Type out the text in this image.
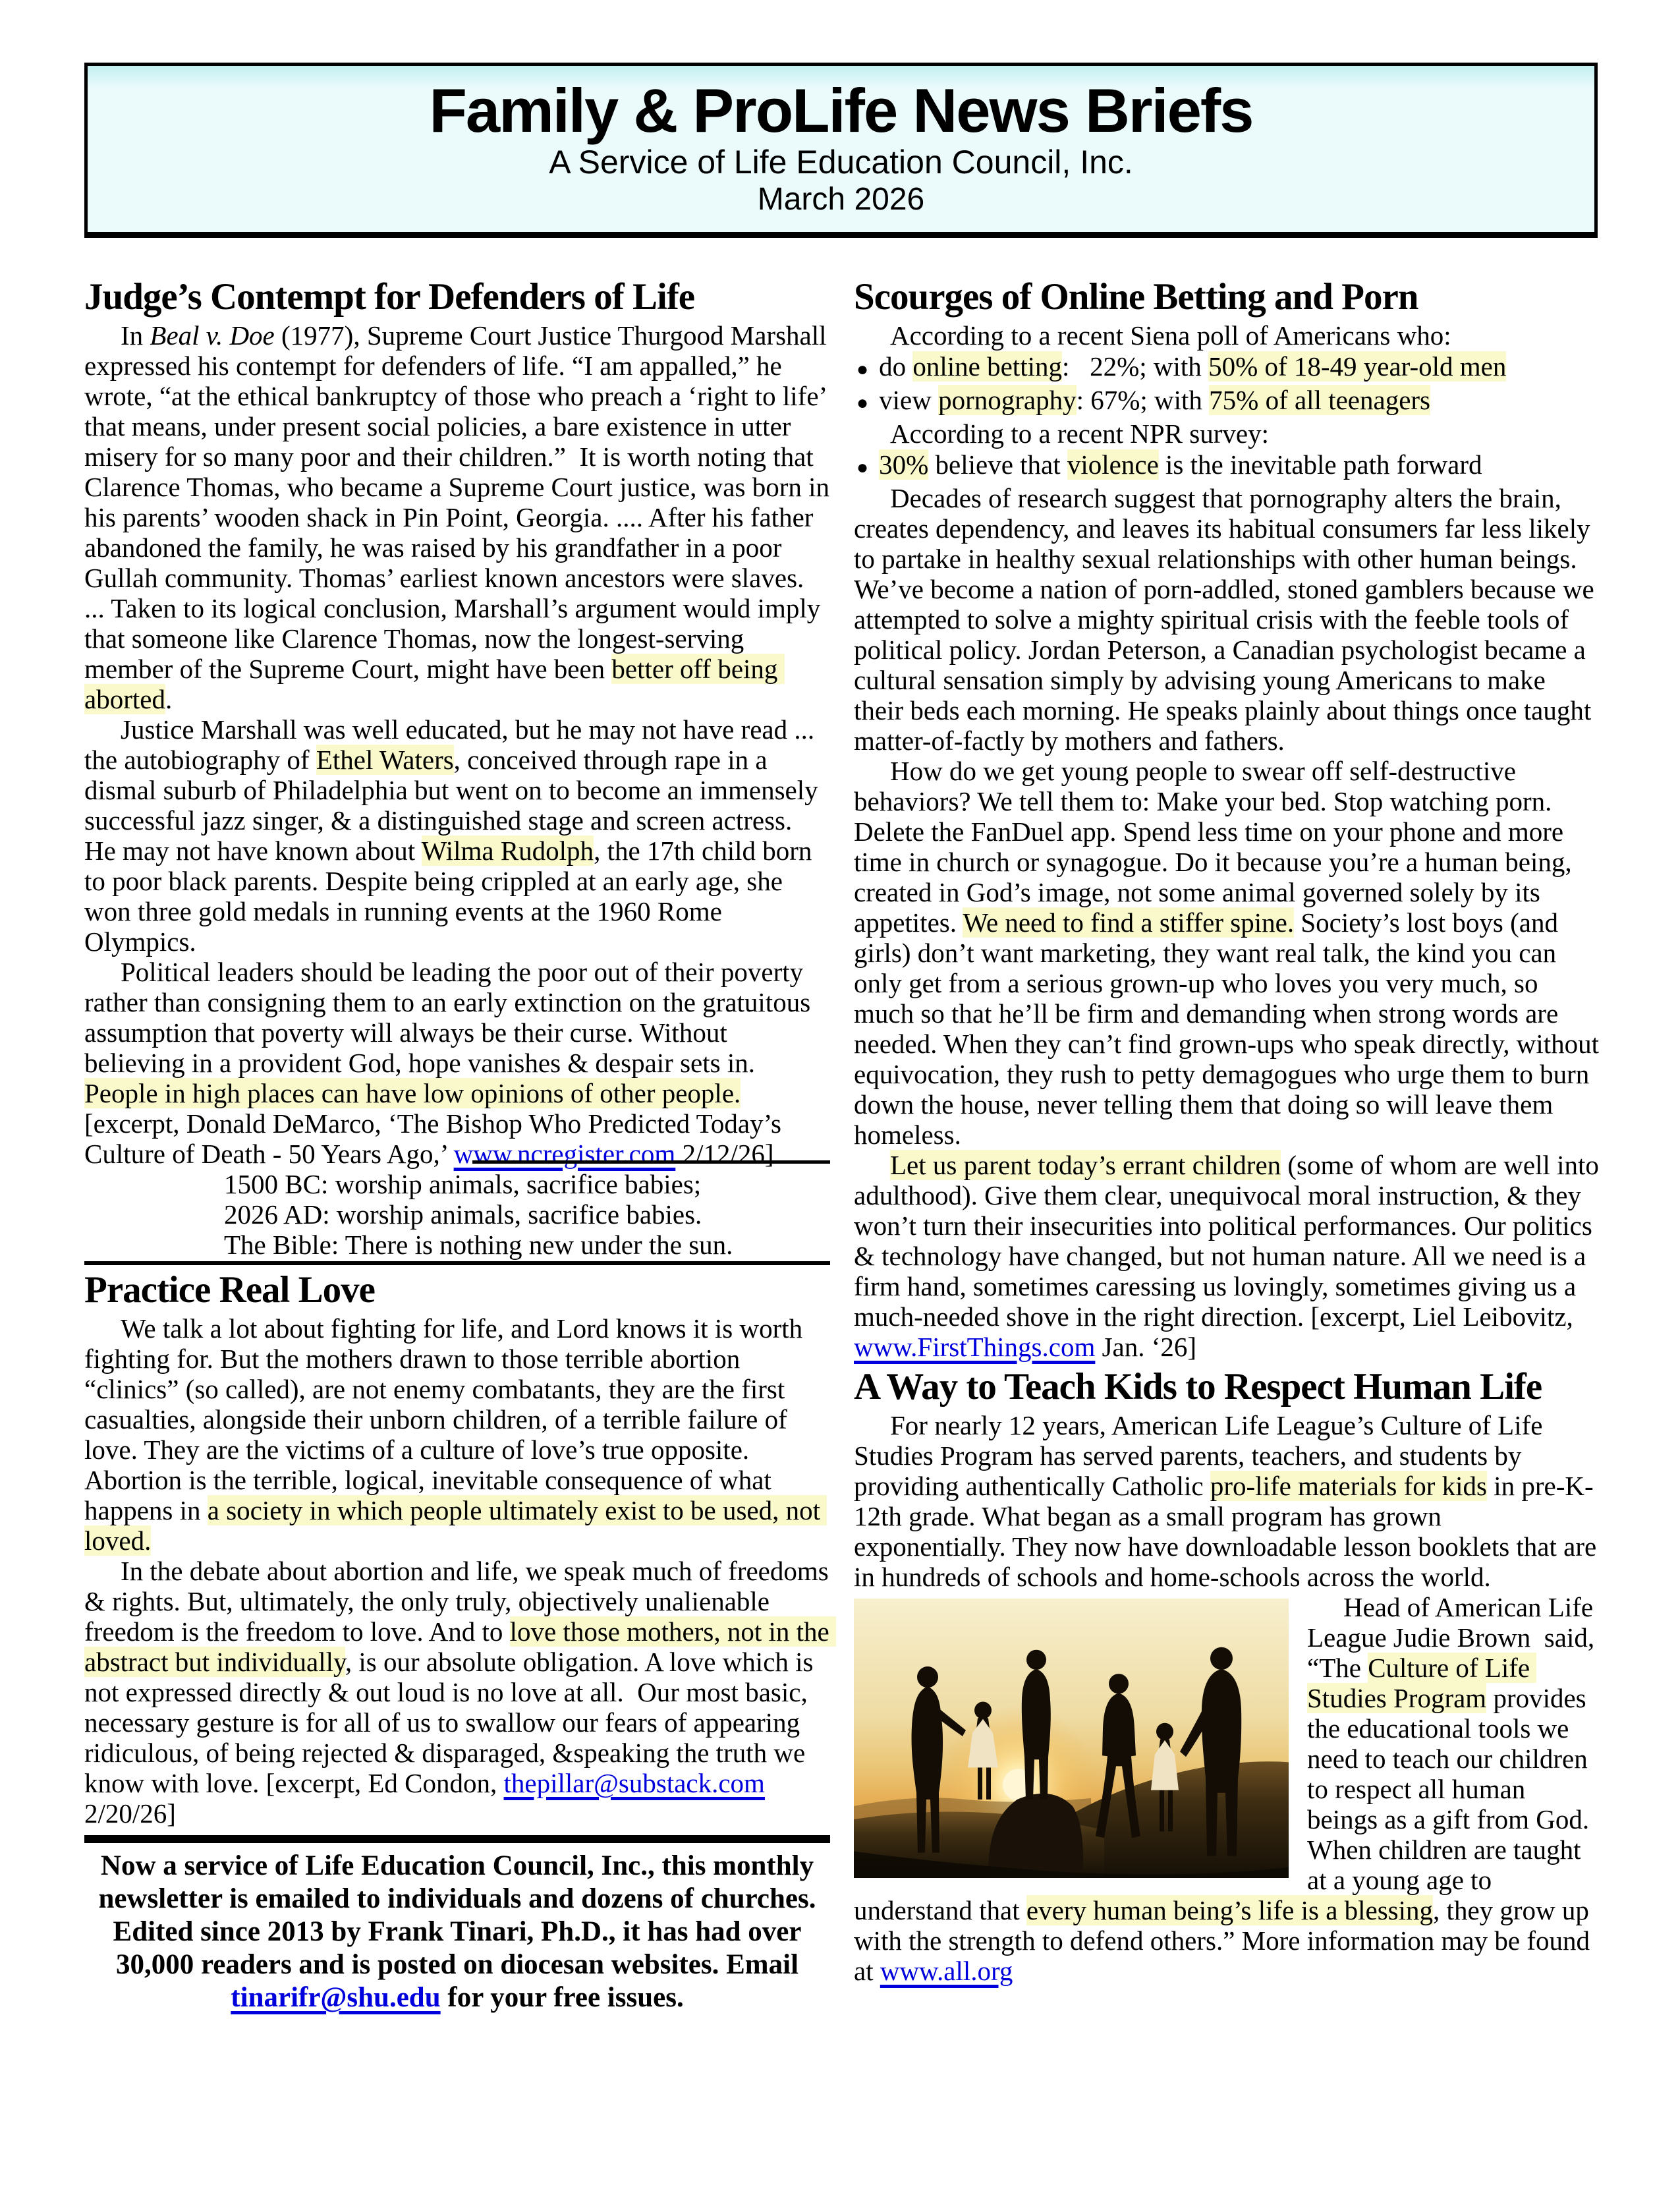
Family & ProLife News Briefs
A Service of Life Education Council, Inc.
March 2026
Judge’s Contempt for Defenders of Life

In Beal v. Doe (1977), Supreme Court Justice Thurgood Marshall expressed his contempt for defenders of life. “I am appalled,” he wrote, “at the ethical bankruptcy of those who preach a ‘right to life’ that means, under present social policies, a bare existence in utter misery for so many poor and their children.”  It is worth noting that Clarence Thomas, who became a Supreme Court justice, was born in his parents’ wooden shack in Pin Point, Georgia. .... After his father abandoned the family, he was raised by his grandfather in a poor Gullah community. Thomas’ earliest known ancestors were slaves. ... Taken to its logical conclusion, Marshall’s argument would imply that someone like Clarence Thomas, now the longest-serving member of the Supreme Court, might have been better off being aborted.

Justice Marshall was well educated, but he may not have read ... the autobiography of Ethel Waters, conceived through rape in a dismal suburb of Philadelphia but went on to become an immensely successful jazz singer, & a distinguished stage and screen actress. He may not have known about Wilma Rudolph, the 17th child born to poor black parents. Despite being crippled at an early age, she won three gold medals in running events at the 1960 Rome Olympics.

Political leaders should be leading the poor out of their poverty rather than consigning them to an early extinction on the gratuitous assumption that poverty will always be their curse. Without believing in a provident God, hope vanishes & despair sets in. People in high places can have low opinions of other people. [excerpt, Donald DeMarco, ‘The Bishop Who Predicted Today’s Culture of Death - 50 Years Ago,’ www.ncregister.com 2/12/26]

1500 BC: worship animals, sacrifice babies;
2026 AD: worship animals, sacrifice babies.
The Bible: There is nothing new under the sun.
Practice Real Love

We talk a lot about fighting for life, and Lord knows it is worth fighting for. But the mothers drawn to those terrible abortion “clinics” (so called), are not enemy combatants, they are the first casualties, alongside their unborn children, of a terrible failure of love. They are the victims of a culture of love’s true opposite. Abortion is the terrible, logical, inevitable consequence of what happens in a society in which people ultimately exist to be used, not loved.

In the debate about abortion and life, we speak much of freedoms & rights. But, ultimately, the only truly, objectively unalienable freedom is the freedom to love. And to love those mothers, not in the abstract but individually, is our absolute obligation. A love which is not expressed directly & out loud is no love at all.  Our most basic, necessary gesture is for all of us to swallow our fears of appearing ridiculous, of being rejected & disparaged, &speaking the truth we know with love. [excerpt, Ed Condon, thepillar@substack.com 2/20/26]

Now a service of Life Education Council, Inc., this monthly newsletter is emailed to individuals and dozens of churches. Edited since 2013 by Frank Tinari, Ph.D., it has had over 30,000 readers and is posted on diocesan websites. Email tinarifr@shu.edu for your free issues.
Scourges of Online Betting and Porn
According to a recent Siena poll of Americans who:
● do online betting:   22%; with 50% of 18-49 year-old men
● view pornography: 67%; with 75% of all teenagers
According to a recent NPR survey:
● 30% believe that violence is the inevitable path forward

Decades of research suggest that pornography alters the brain, creates dependency, and leaves its habitual consumers far less likely to partake in healthy sexual relationships with other human beings. We’ve become a nation of porn-addled, stoned gamblers because we attempted to solve a mighty spiritual crisis with the feeble tools of political policy. Jordan Peterson, a Canadian psychologist became a cultural sensation simply by advising young Americans to make their beds each morning. He speaks plainly about things once taught matter-of-factly by mothers and fathers.

How do we get young people to swear off self-destructive behaviors? We tell them to: Make your bed. Stop watching porn. Delete the FanDuel app. Spend less time on your phone and more time in church or synagogue. Do it because you’re a human being, created in God’s image, not some animal governed solely by its appetites. We need to find a stiffer spine. Society’s lost boys (and girls) don’t want marketing, they want real talk, the kind you can only get from a serious grown-up who loves you very much, so much so that he’ll be firm and demanding when strong words are needed. When they can’t find grown-ups who speak directly, without equivocation, they rush to petty demagogues who urge them to burn down the house, never telling them that doing so will leave them homeless.

Let us parent today’s errant children (some of whom are well into adulthood). Give them clear, unequivocal moral instruction, & they won’t turn their insecurities into political performances. Our politics & technology have changed, but not human nature. All we need is a firm hand, sometimes caressing us lovingly, sometimes giving us a much-needed shove in the right direction. [excerpt, Liel Leibovitz, www.FirstThings.com Jan. ‘26]

A Way to Teach Kids to Respect Human Life

For nearly 12 years, American Life League’s Culture of Life Studies Program has served parents, teachers, and students by providing authentically Catholic pro-life materials for kids in pre-K-12th grade. What began as a small program has grown exponentially. They now have downloadable lesson booklets that are in hundreds of schools and home-schools across the world.

Head of American Life League Judie Brown  said, “The Culture of Life Studies Program provides the educational tools we need to teach our children to respect all human beings as a gift from God. When children are taught at a young age to understand that every human being’s life is a blessing, they grow up with the strength to defend others.” More information may be found at www.all.org
